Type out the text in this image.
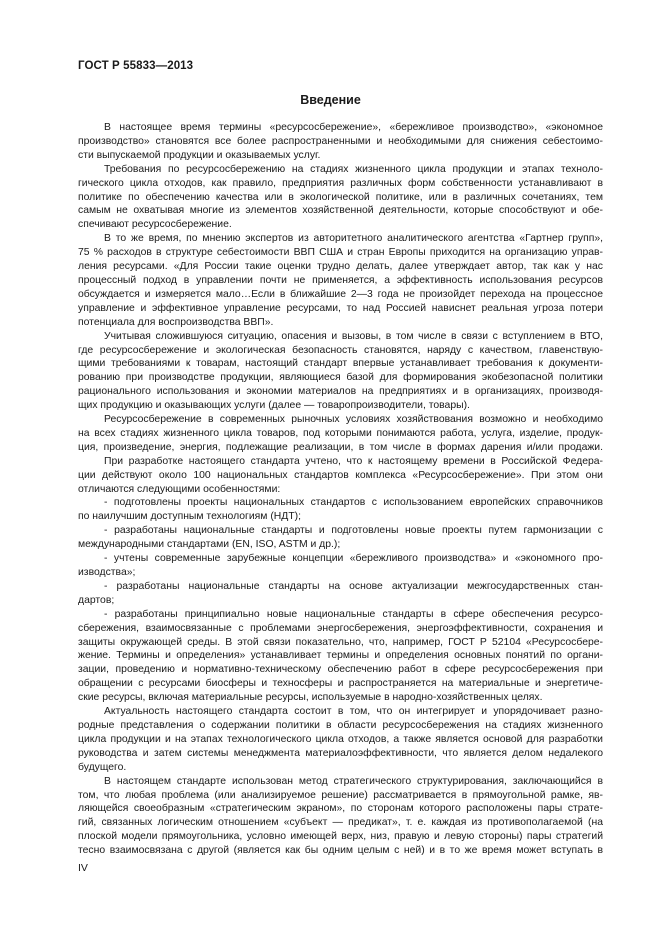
ГОСТ Р 55833—2013
Введение
В настоящее время термины «ресурсосбережение», «бережливое производство», «экономное
производство» становятся все более распространенными и необходимыми для снижения себестоимо-
сти выпускаемой продукции и оказываемых услуг.
Требования по ресурсосбережению на стадиях жизненного цикла продукции и этапах техноло-
гического цикла отходов, как правило, предприятия различных форм собственности устанавливают в
политике по обеспечению качества или в экологической политике, или в различных сочетаниях, тем
самым не охватывая многие из элементов хозяйственной деятельности, которые способствуют и обе-
спечивают ресурсосбережение.
В то же время, по мнению экспертов из авторитетного аналитического агентства «Гартнер групп»,
75 % расходов в структуре себестоимости ВВП США и стран Европы приходится на организацию управ-
ления ресурсами. «Для России такие оценки трудно делать, далее утверждает автор, так как у нас
процессный подход в управлении почти не применяется, а эффективность использования ресурсов
обсуждается и измеряется мало…Если в ближайшие 2—3 года не произойдет перехода на процессное
управление и эффективное управление ресурсами, то над Россией нависнет реальная угроза потери
потенциала для воспроизводства ВВП».
Учитывая сложившуюся ситуацию, опасения и вызовы, в том числе в связи с вступлением в ВТО,
где ресурсосбережение и экологическая безопасность становятся, наряду с качеством, главенствую-
щими требованиями к товарам, настоящий стандарт впервые устанавливает требования к документи-
рованию при производстве продукции, являющиеся базой для формирования экобезопасной политики
рационального использования и экономии материалов на предприятиях и в организациях, производя-
щих продукцию и оказывающих услуги (далее — товаропроизводители, товары).
Ресурсосбережение в современных рыночных условиях хозяйствования возможно и необходимо
на всех стадиях жизненного цикла товаров, под которыми понимаются работа, услуга, изделие, продук-
ция, произведение, энергия, подлежащие реализации, в том числе в формах дарения и/или продажи.
При разработке настоящего стандарта учтено, что к настоящему времени в Российской Федера-
ции действуют около 100 национальных стандартов комплекса «Ресурсосбережение». При этом они
отличаются следующими особенностями:
- подготовлены проекты национальных стандартов с использованием европейских справочников
по наилучшим доступным технологиям (НДТ);
- разработаны национальные стандарты и подготовлены новые проекты путем гармонизации с
международными стандартами (EN, ISO, ASTM и др.);
- учтены современные зарубежные концепции «бережливого производства» и «экономного про-
изводства»;
- разработаны национальные стандарты на основе актуализации межгосударственных стан-
дартов;
- разработаны принципиально новые национальные стандарты в сфере обеспечения ресурсо-
сбережения, взаимосвязанные с проблемами энергосбережения, энергоэффективности, сохранения и
защиты окружающей среды. В этой связи показательно, что, например, ГОСТ Р 52104 «Ресурсосбере-
жение. Термины и определения» устанавливает термины и определения основных понятий по органи-
зации, проведению и нормативно-техническому обеспечению работ в сфере ресурсосбережения при
обращении с ресурсами биосферы и техносферы и распространяется на материальные и энергетиче-
ские ресурсы, включая материальные ресурсы, используемые в народно-хозяйственных целях.
Актуальность настоящего стандарта состоит в том, что он интегрирует и упорядочивает разно-
родные представления о содержании политики в области ресурсосбережения на стадиях жизненного
цикла продукции и на этапах технологического цикла отходов, а также является основой для разработки
руководства и затем системы менеджмента материалоэффективности, что является делом недалекого
будущего.
В настоящем стандарте использован метод стратегического структурирования, заключающийся в
том, что любая проблема (или анализируемое решение) рассматривается в прямоугольной рамке, яв-
ляющейся своеобразным «стратегическим экраном», по сторонам которого расположены пары страте-
гий, связанных логическим отношением «субъект — предикат», т. е. каждая из противополагаемой (на
плоской модели прямоугольника, условно имеющей верх, низ, правую и левую стороны) пары стратегий
тесно взаимосвязана с другой (является как бы одним целым с ней) и в то же время может вступать в
IV
